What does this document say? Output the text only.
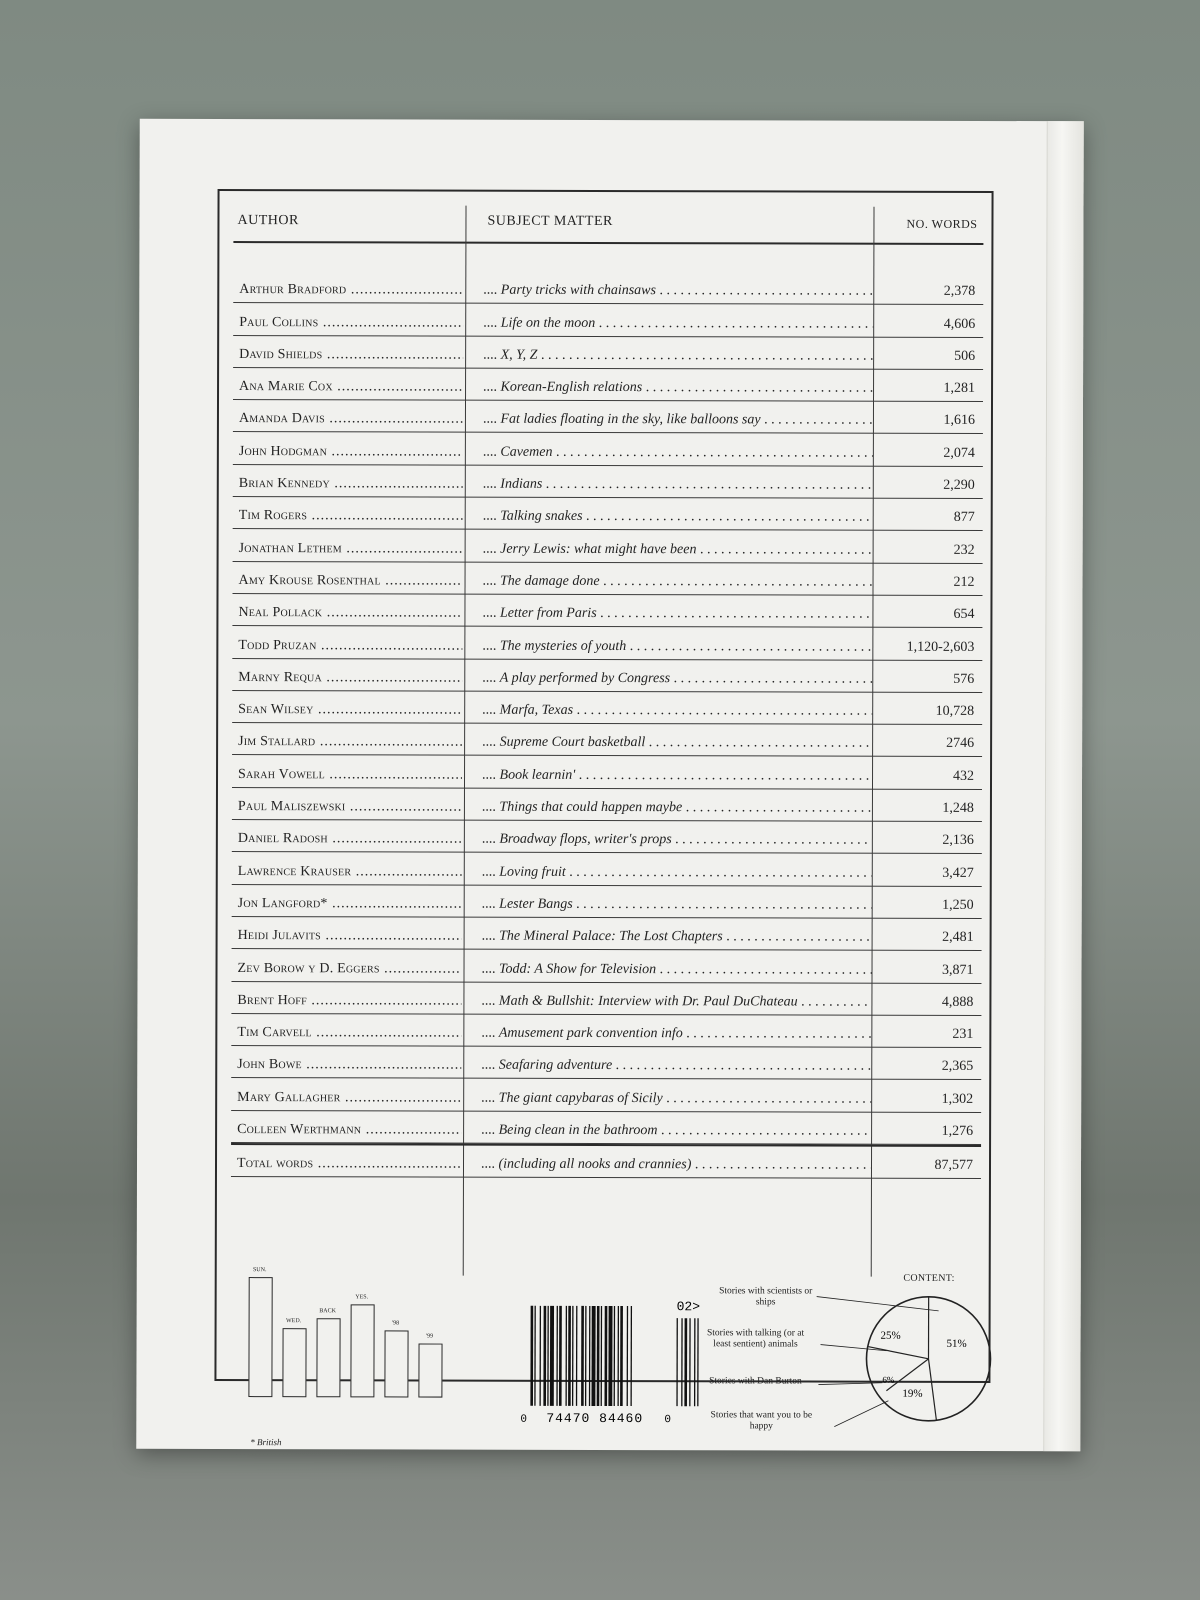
AUTHOR	SUBJECT MATTER	NO. WORDS
Arthur Bradford .....	.... Party tricks with chainsaws . . .	2,378
Paul Collins .....	.... Life on the moon . . .	4,606
David Shields .....	.... X, Y, Z . . .	506
Ana Marie Cox .....	.... Korean-English relations . . .	1,281
Amanda Davis .....	.... Fat ladies floating in the sky, like balloons say . . .	1,616
John Hodgman .....	.... Cavemen . . .	2,074
Brian Kennedy .....	.... Indians . . .	2,290
Tim Rogers .....	.... Talking snakes . . .	877
Jonathan Lethem .....	.... Jerry Lewis: what might have been . . .	232
Amy Krouse Rosenthal .....	.... The damage done . . .	212
Neal Pollack .....	.... Letter from Paris . . .	654
Todd Pruzan .....	.... The mysteries of youth . . .	1,120-2,603
Marny Requa .....	.... A play performed by Congress . . .	576
Sean Wilsey .....	.... Marfa, Texas . . .	10,728
Jim Stallard .....	.... Supreme Court basketball . . .	2746
Sarah Vowell .....	.... Book learnin' . . .	432
Paul Maliszewski .....	.... Things that could happen maybe . . .	1,248
Daniel Radosh .....	.... Broadway flops, writer's props . . .	2,136
Lawrence Krauser .....	.... Loving fruit . . .	3,427
Jon Langford* .....	.... Lester Bangs . . .	1,250
Heidi Julavits .....	.... The Mineral Palace: The Lost Chapters . . .	2,481
Zev Borow y D. Eggers .....	.... Todd: A Show for Television . . .	3,871
Brent Hoff .....	.... Math & Bullshit: Interview with Dr. Paul DuChateau . . .	4,888
Tim Carvell .....	.... Amusement park convention info . . .	231
John Bowe .....	.... Seafaring adventure . . .	2,365
Mary Gallagher .....	.... The giant capybaras of Sicily . . .	1,302
Colleen Werthmann .....	.... Being clean in the bathroom . . .	1,276
Total words .....	.... (including all nooks and crannies) . . .	87,577
SUN.
WED.
BACK
YES.
'98
'99
* British
0 74470 84460 0
02>
CONTENT:
Stories with scientists or ships
Stories with talking (or at least sentient) animals
Stories with Dan Burton
Stories that want you to be happy
51%
25%
6%
19%
